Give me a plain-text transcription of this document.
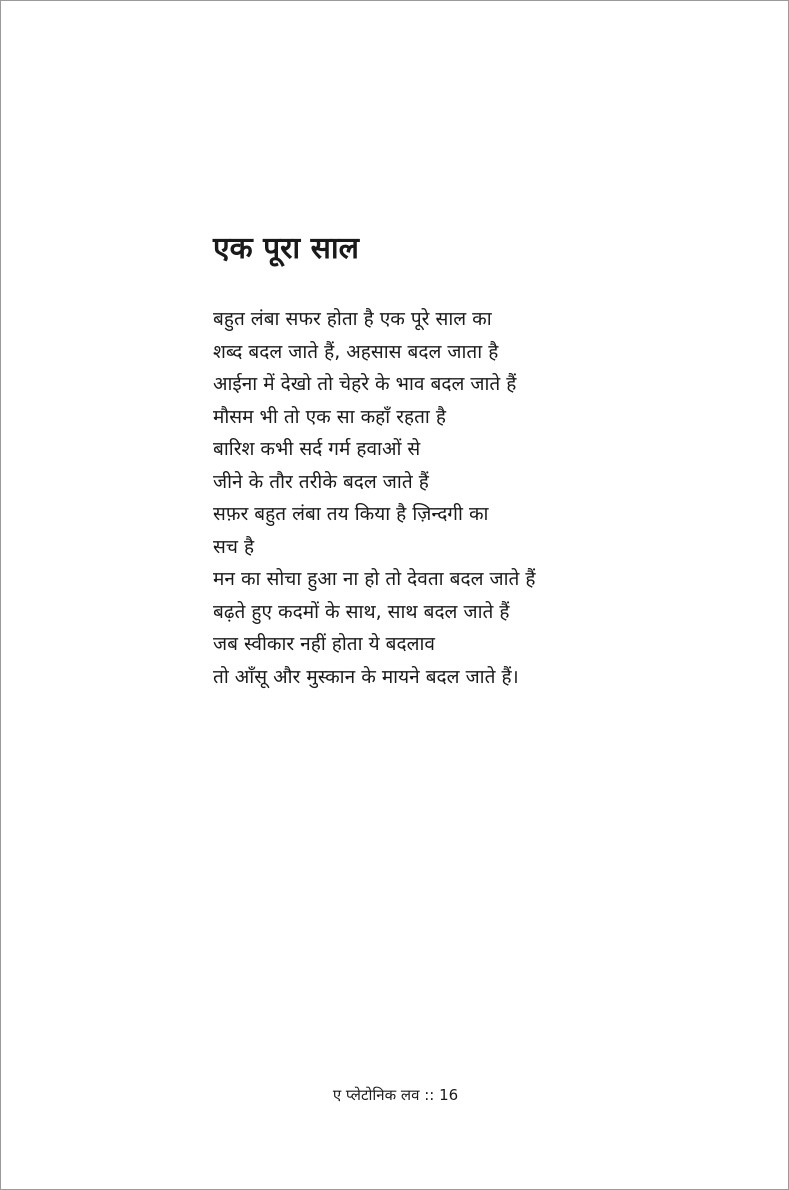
एक पूरा साल
बहुत लंबा सफर होता है एक पूरे साल का
शब्द बदल जाते हैं, अहसास बदल जाता है
आईना में देखो तो चेहरे के भाव बदल जाते हैं
मौसम भी तो एक सा कहाँ रहता है
बारिश कभी सर्द गर्म हवाओं से
जीने के तौर तरीके बदल जाते हैं
सफ़र बहुत लंबा तय किया है ज़िन्दगी का
सच है
मन का सोचा हुआ ना हो तो देवता बदल जाते हैं
बढ़ते हुए कदमों के साथ, साथ बदल जाते हैं
जब स्वीकार नहीं होता ये बदलाव
तो आँसू और मुस्कान के मायने बदल जाते हैं।
ए प्लेटोनिक लव :: 16
